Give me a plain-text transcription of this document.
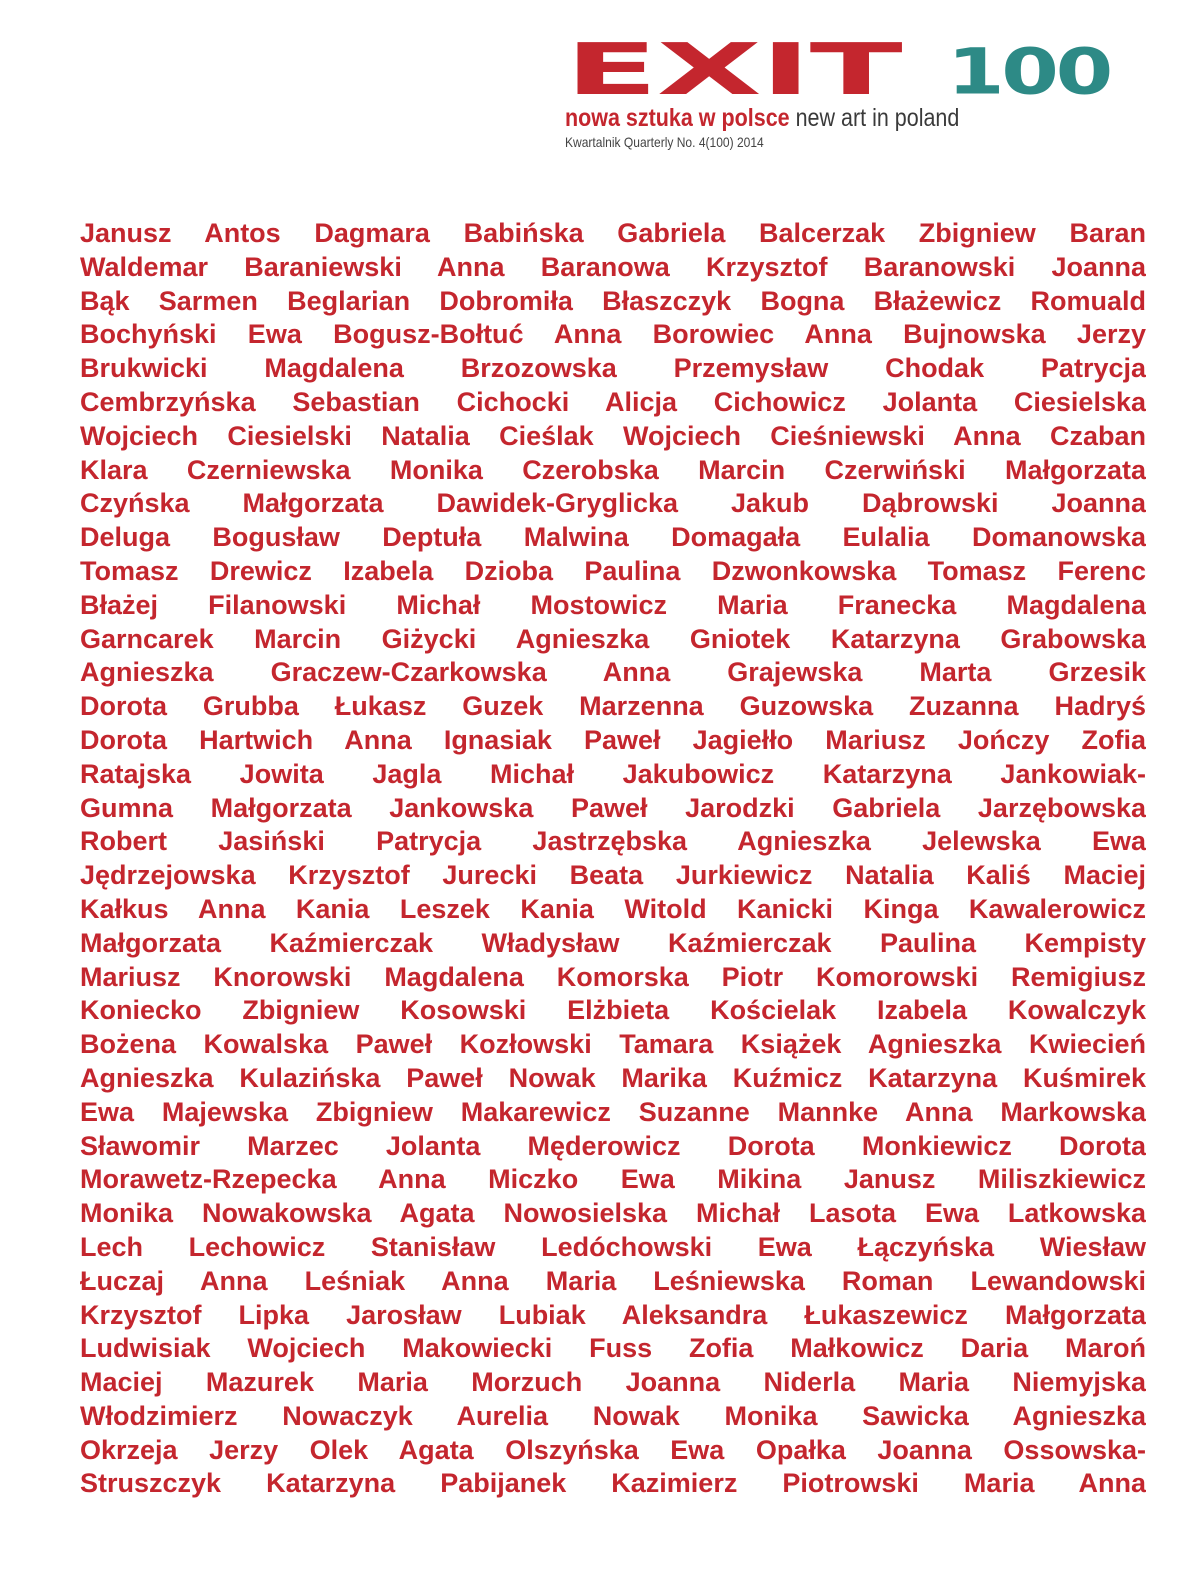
EXIT 100
nowa sztuka w polsce new art in poland
Kwartalnik Quarterly No. 4(100) 2014
Janusz Antos Dagmara Babińska Gabriela Balcerzak Zbigniew Baran
Waldemar Baraniewski Anna Baranowa Krzysztof Baranowski Joanna
Bąk Sarmen Beglarian Dobromiła Błaszczyk Bogna Błażewicz Romuald
Bochyński Ewa Bogusz-Bołtuć Anna Borowiec Anna Bujnowska Jerzy
Brukwicki Magdalena Brzozowska Przemysław Chodak Patrycja
Cembrzyńska Sebastian Cichocki Alicja Cichowicz Jolanta Ciesielska
Wojciech Ciesielski Natalia Cieślak Wojciech Cieśniewski Anna Czaban
Klara Czerniewska Monika Czerobska Marcin Czerwiński Małgorzata
Czyńska Małgorzata Dawidek-Gryglicka Jakub Dąbrowski Joanna
Deluga Bogusław Deptuła Malwina Domagała Eulalia Domanowska
Tomasz Drewicz Izabela Dzioba Paulina Dzwonkowska Tomasz Ferenc
Błażej Filanowski Michał Mostowicz Maria Franecka Magdalena
Garncarek Marcin Giżycki Agnieszka Gniotek Katarzyna Grabowska
Agnieszka Graczew-Czarkowska Anna Grajewska Marta Grzesik
Dorota Grubba Łukasz Guzek Marzenna Guzowska Zuzanna Hadryś
Dorota Hartwich Anna Ignasiak Paweł Jagiełło Mariusz Jończy Zofia
Ratajska Jowita Jagla Michał Jakubowicz Katarzyna Jankowiak-
Gumna Małgorzata Jankowska Paweł Jarodzki Gabriela Jarzębowska
Robert Jasiński Patrycja Jastrzębska Agnieszka Jelewska Ewa
Jędrzejowska Krzysztof Jurecki Beata Jurkiewicz Natalia Kaliś Maciej
Kałkus Anna Kania Leszek Kania Witold Kanicki Kinga Kawalerowicz
Małgorzata Kaźmierczak Władysław Kaźmierczak Paulina Kempisty
Mariusz Knorowski Magdalena Komorska Piotr Komorowski Remigiusz
Koniecko Zbigniew Kosowski Elżbieta Kościelak Izabela Kowalczyk
Bożena Kowalska Paweł Kozłowski Tamara Książek Agnieszka Kwiecień
Agnieszka Kulazińska Paweł Nowak Marika Kuźmicz Katarzyna Kuśmirek
Ewa Majewska Zbigniew Makarewicz Suzanne Mannke Anna Markowska
Sławomir Marzec Jolanta Męderowicz Dorota Monkiewicz Dorota
Morawetz-Rzepecka Anna Miczko Ewa Mikina Janusz Miliszkiewicz
Monika Nowakowska Agata Nowosielska Michał Lasota Ewa Latkowska
Lech Lechowicz Stanisław Ledóchowski Ewa Łączyńska Wiesław
Łuczaj Anna Leśniak Anna Maria Leśniewska Roman Lewandowski
Krzysztof Lipka Jarosław Lubiak Aleksandra Łukaszewicz Małgorzata
Ludwisiak Wojciech Makowiecki Fuss Zofia Małkowicz Daria Maroń
Maciej Mazurek Maria Morzuch Joanna Niderla Maria Niemyjska
Włodzimierz Nowaczyk Aurelia Nowak Monika Sawicka Agnieszka
Okrzeja Jerzy Olek Agata Olszyńska Ewa Opałka Joanna Ossowska-
Struszczyk Katarzyna Pabijanek Kazimierz Piotrowski Maria Anna
